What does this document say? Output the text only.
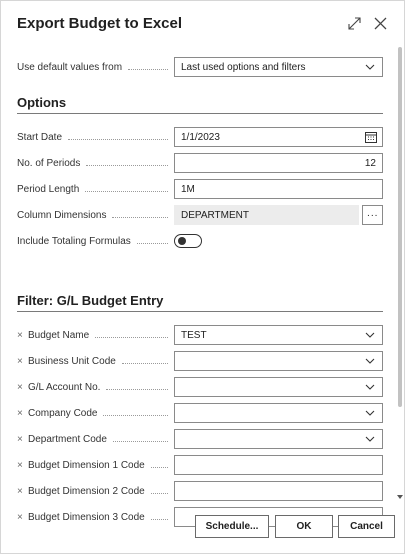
Export Budget to Excel
Use default values from	Last used options and filters
Options
Start Date	1/1/2023
No. of Periods	12
Period Length	1M
Column Dimensions	DEPARTMENT	···
Include Totaling Formulas
Filter: G/L Budget Entry
× Budget Name	TEST
× Business Unit Code
× G/L Account No.
× Company Code
× Department Code
× Budget Dimension 1 Code
× Budget Dimension 2 Code
× Budget Dimension 3 Code
Schedule...	OK	Cancel
